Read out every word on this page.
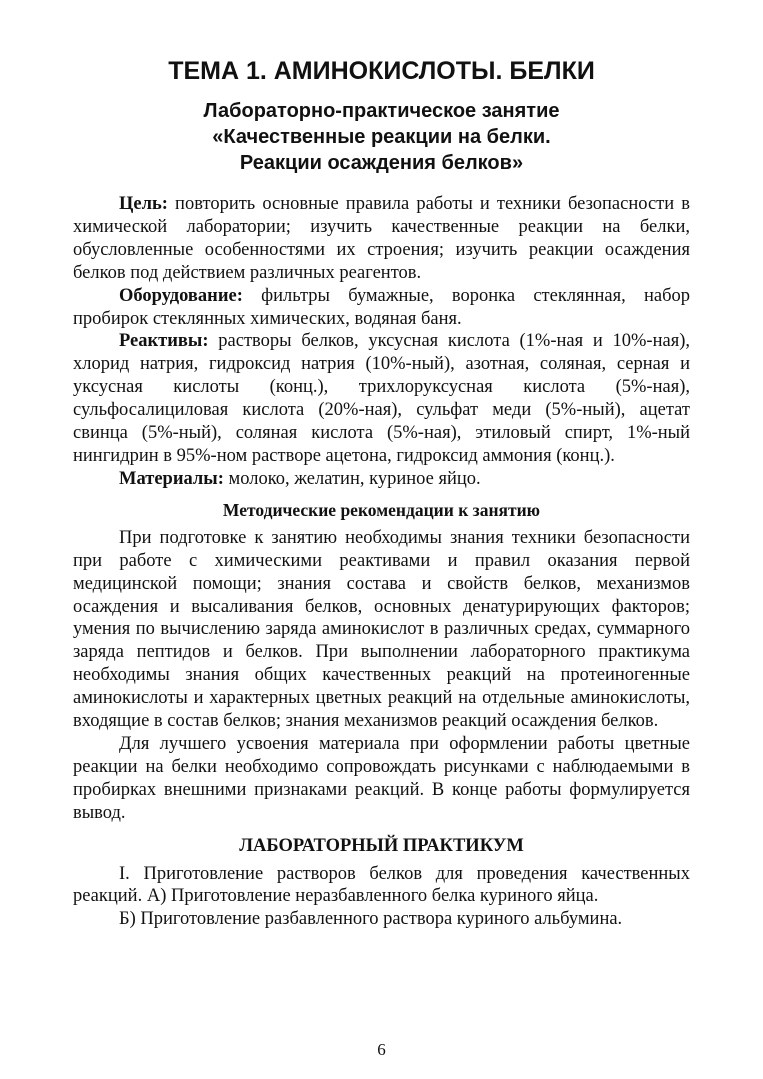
ТЕМА 1. АМИНОКИСЛОТЫ. БЕЛКИ
Лабораторно-практическое занятие
«Качественные реакции на белки.
Реакции осаждения белков»

Цель: повторить основные правила работы и техники безопасности в химической лаборатории; изучить качественные реакции на белки, обусловленные особенностями их строения; изучить реакции осаждения белков под действием различных реагентов.

Оборудование: фильтры бумажные, воронка стеклянная, набор пробирок стеклянных химических, водяная баня.

Реактивы: растворы белков, уксусная кислота (1%-ная и 10%-ная), хлорид натрия, гидроксид натрия (10%-ный), азотная, соляная, серная и уксусная кислоты (конц.), трихлоруксусная кислота (5%-ная), сульфосалициловая кислота (20%-ная), сульфат меди (5%-ный), ацетат свинца (5%-ный), соляная кислота (5%-ная), этиловый спирт, 1%-ный нингидрин в 95%-ном растворе ацетона, гидроксид аммония (конц.).

Материалы: молоко, желатин, куриное яйцо.

Методические рекомендации к занятию

При подготовке к занятию необходимы знания техники безопасности при работе с химическими реактивами и правил оказания первой медицинской помощи; знания состава и свойств белков, механизмов осаждения и высаливания белков, основных денатурирующих факторов; умения по вычислению заряда аминокислот в различных средах, суммарного заряда пептидов и белков. При выполнении лабораторного практикума необходимы знания общих качественных реакций на протеиногенные аминокислоты и характерных цветных реакций на отдельные аминокислоты, входящие в состав белков; знания механизмов реакций осаждения белков.

Для лучшего усвоения материала при оформлении работы цветные реакции на белки необходимо сопровождать рисунками с наблюдаемыми в пробирках внешними признаками реакций. В конце работы формулируется вывод.

ЛАБОРАТОРНЫЙ ПРАКТИКУМ

I. Приготовление растворов белков для проведения качественных реакций. А) Приготовление неразбавленного белка куриного яйца.

Б) Приготовление разбавленного раствора куриного альбумина.

6
